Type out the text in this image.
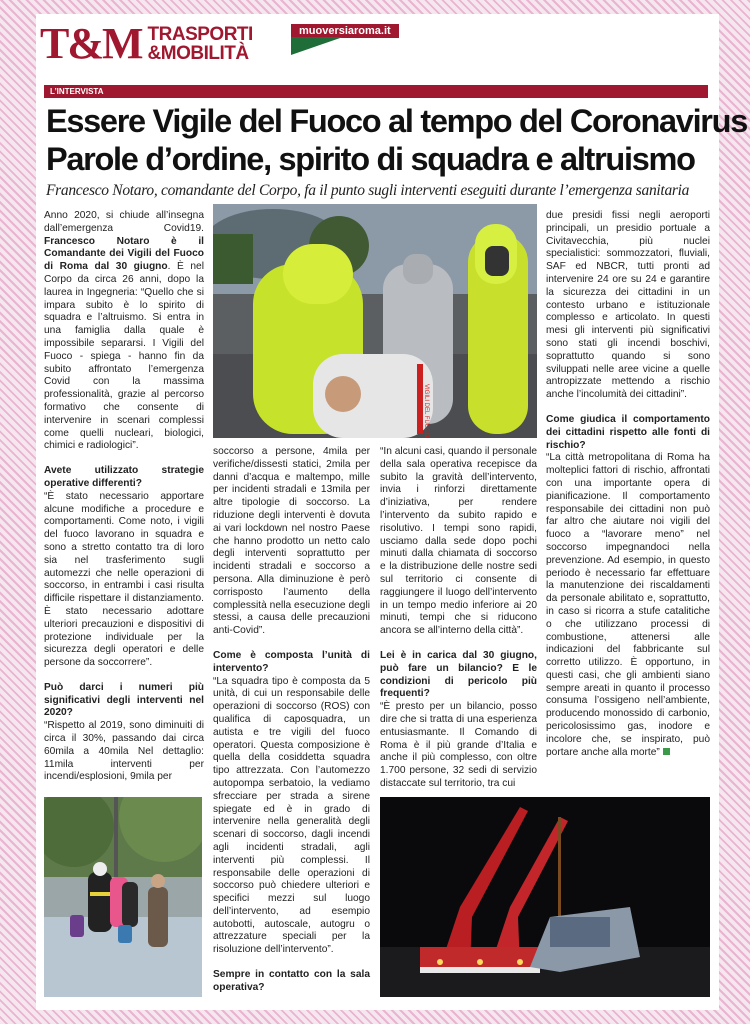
T&M TRASPORTI
&MOBILITÀ
muoversiaroma.it
L’INTERVISTA
Essere Vigile del Fuoco al tempo del Coronavirus
Parole d’ordine, spirito di squadra e altruismo
Francesco Notaro, comandante del Corpo, fa il punto sugli interventi eseguiti durante l’emergenza sanitaria

Anno 2020, si chiude all’insegna dall’emergenza Covid19. Francesco Notaro è il Comandante dei Vigili del Fuoco di Roma dal 30 giugno. È nel Corpo da circa 26 anni, dopo la laurea in Ingegneria: “Quello che si impara subito è lo spirito di squadra e l’altruismo. Si entra in una famiglia dalla quale è impossibile separarsi. I Vigili del Fuoco - spiega - hanno fin da subito affrontato l’emergenza Covid con la massima professionalità, grazie al percorso formativo che consente di intervenire in scenari complessi come quelli nucleari, biologici, chimici e radiologici”.

Avete utilizzato strategie operative differenti?

“È stato necessario apportare alcune modifiche a procedure e comportamenti. Come noto, i vigili del fuoco lavorano in squadra e sono a stretto contatto tra di loro sia nel trasferimento sugli automezzi che nelle operazioni di soccorso, in entrambi i casi risulta difficile rispettare il distanziamento. È stato necessario adottare ulteriori precauzioni e dispositivi di protezione individuale per la sicurezza degli operatori e delle persone da soccorrere”.

Può darci i numeri più significativi degli interventi nel 2020?

“Rispetto al 2019, sono diminuiti di circa il 30%, passando dai circa 60mila a 40mila Nel dettaglio: 11mila interventi per incendi/esplosioni, 9mila per

VIGILI DEL FUOCO

soccorso a persone, 4mila per verifiche/dissesti statici, 2mila per danni d’acqua e maltempo, mille per incidenti stradali e 13mila per altre tipologie di soccorso. La riduzione degli interventi è dovuta ai vari lockdown nel nostro Paese che hanno prodotto un netto calo degli interventi soprattutto per incidenti stradali e soccorso a persona. Alla diminuzione è però corrisposto l’aumento della complessità nella esecuzione degli stessi, a causa delle precauzioni anti-Covid”.

Come è composta l’unità di intervento?

“La squadra tipo è composta da 5 unità, di cui un responsabile delle operazioni di soccorso (ROS) con qualifica di caposquadra, un autista e tre vigili del fuoco operatori. Questa composizione è quella della cosiddetta squadra tipo attrezzata. Con l’automezzo autopompa serbatoio, la vediamo sfrecciare per strada a sirene spiegate ed è in grado di intervenire nella generalità degli scenari di soccorso, dagli incendi agli incidenti stradali, agli interventi più complessi. Il responsabile delle operazioni di soccorso può chiedere ulteriori e specifici mezzi sul luogo dell’intervento, ad esempio autobotti, autoscale, autogru o attrezzature speciali per la risoluzione dell’intervento”.

Sempre in contatto con la sala operativa?

“In alcuni casi, quando il personale della sala operativa recepisce da subito la gravità dell’intervento, invia i rinforzi direttamente d’iniziativa, per rendere l’intervento da subito rapido e risolutivo. I tempi sono rapidi, usciamo dalla sede dopo pochi minuti dalla chiamata di soccorso e la distribuzione delle nostre sedi sul territorio ci consente di raggiungere il luogo dell’intervento in un tempo medio inferiore ai 20 minuti, tempi che si riducono ancora se all’interno della città”.

Lei è in carica dal 30 giugno, può fare un bilancio? E le condizioni di pericolo più frequenti?

“È presto per un bilancio, posso dire che si tratta di una esperienza entusiasmante. Il Comando di Roma è il più grande d’Italia e anche il più complesso, con oltre 1.700 persone, 32 sedi di servizio distaccate sul territorio, tra cui

due presidi fissi negli aeroporti principali, un presidio portuale a Civitavecchia, più nuclei specialistici: sommozzatori, fluviali, SAF ed NBCR, tutti pronti ad intervenire 24 ore su 24 e garantire la sicurezza dei cittadini in un contesto urbano e istituzionale complesso e articolato. In questi mesi gli interventi più significativi sono stati gli incendi boschivi, soprattutto quando si sono sviluppati nelle aree vicine a quelle antropizzate mettendo a rischio anche l’incolumità dei cittadini”.

Come giudica il comportamento dei cittadini rispetto alle fonti di rischio?

“La città metropolitana di Roma ha molteplici fattori di rischio, affrontati con una importante opera di pianificazione. Il comportamento responsabile dei cittadini non può far altro che aiutare noi vigili del fuoco a “lavorare meno” nel soccorso impegnandoci nella prevenzione. Ad esempio, in questo periodo è necessario far effettuare la manutenzione dei riscaldamenti da personale abilitato e, soprattutto, in caso si ricorra a stufe catalitiche o che utilizzano processi di combustione, attenersi alle indicazioni del fabbricante sul corretto utilizzo. È opportuno, in questi casi, che gli ambienti siano sempre areati in quanto il processo consuma l’ossigeno nell’ambiente, producendo monossido di carbonio, pericolosissimo gas, inodore e incolore che, se inspirato, può portare anche alla morte”
